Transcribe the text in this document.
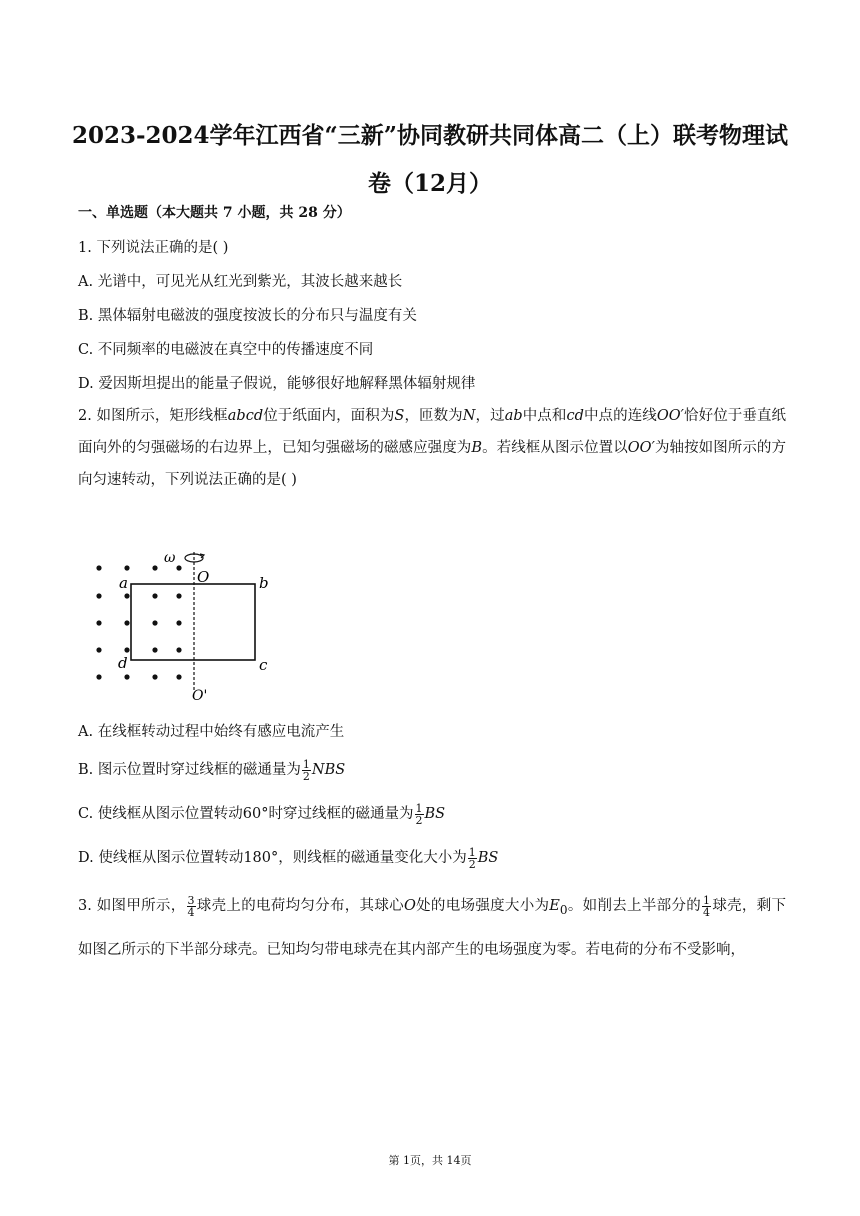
2023-2024学年江西省“三新”协同教研共同体高二（上）联考物理试
卷（12月）
一、单选题（本大题共 7 小题，共 28 分）
1. 下列说法正确的是( )
A. 光谱中，可见光从红光到紫光，其波长越来越长
B. 黑体辐射电磁波的强度按波长的分布只与温度有关
C. 不同频率的电磁波在真空中的传播速度不同
D. 爱因斯坦提出的能量子假说，能够很好地解释黑体辐射规律
2. 如图所示，矩形线框abcd位于纸面内，面积为S，匝数为N，过ab中点和cd中点的连线OO′恰好位于垂直纸面向外的匀强磁场的右边界上，已知匀强磁场的磁感应强度为B。若线框从图示位置以OO′为轴按如图所示的方向匀速转动，下列说法正确的是( )
ω
O
O'
a	b
c
d
A. 在线框转动过程中始终有感应电流产生
B. 图示位置时穿过线框的磁通量为 $\frac{1}{2}$ NBS
C. 使线框从图示位置转动60°时穿过线框的磁通量为 $\frac{1}{2}$ BS
D. 使线框从图示位置转动180°，则线框的磁通量变化大小为 $\frac{1}{2}$ BS
3. 如图甲所示， $\frac{3}{4}$ 球壳上的电荷均匀分布，其球心O处的电场强度大小为$E_0$。如削去上半部分的 $\frac{1}{4}$ 球壳，剩下如图乙所示的下半部分球壳。已知均匀带电球壳在其内部产生的电场强度为零。若电荷的分布不受影响，
第 1页，共 14页
